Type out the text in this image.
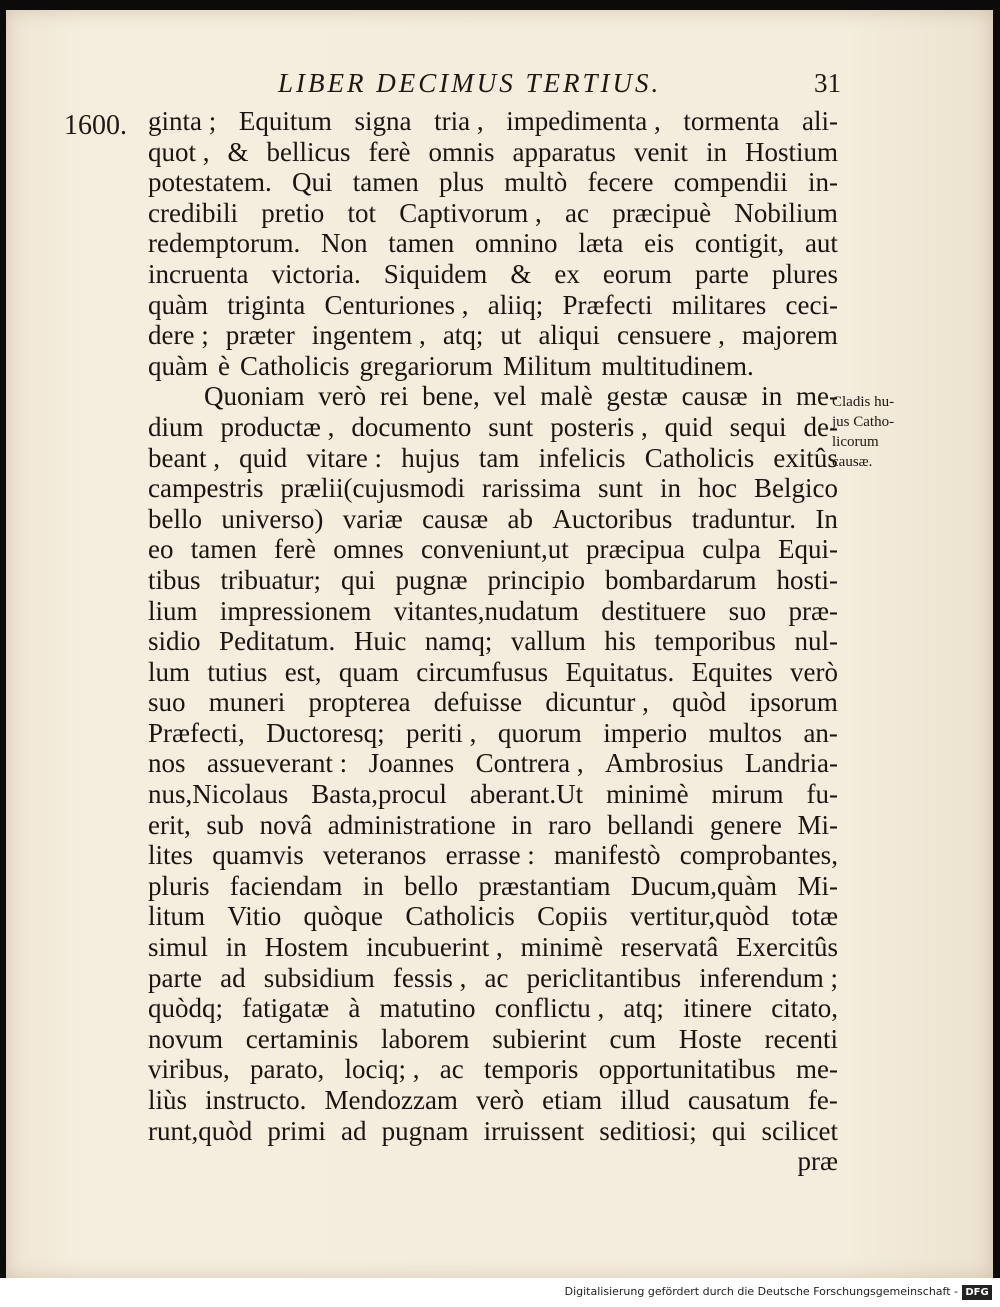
LIBER DECIMUS TERTIUS.	31
1600. ginta ; Equitum signa tria , impedimenta , tormenta ali-
quot , & bellicus ferè omnis apparatus venit in Hostium
potestatem. Qui tamen plus multò fecere compendii in-
credibili pretio tot Captivorum , ac præcipuè Nobilium
redemptorum. Non tamen omnino læta eis contigit, aut
incruenta victoria. Siquidem & ex eorum parte plures
quàm triginta Centuriones , aliiq; Præfecti militares ceci-
dere ; præter ingentem , atq; ut aliqui censuere , majorem
quàm è Catholicis gregariorum Militum multitudinem.
Quoniam verò rei bene, vel malè gestæ causæ in me-
dium productæ , documento sunt posteris , quid sequi de-
beant , quid vitare : hujus tam infelicis Catholicis exitûs
campestris prælii(cujusmodi rarissima sunt in hoc Belgico
bello universo) variæ causæ ab Auctoribus traduntur. In
eo tamen ferè omnes conveniunt,ut præcipua culpa Equi-
tibus tribuatur; qui pugnæ principio bombardarum hosti-
lium impressionem vitantes,nudatum destituere suo præ-
sidio Peditatum. Huic namq; vallum his temporibus nul-
lum tutius est, quam circumfusus Equitatus. Equites verò
suo muneri propterea defuisse dicuntur , quòd ipsorum
Præfecti, Ductoresq; periti , quorum imperio multos an-
nos assueverant : Joannes Contrera , Ambrosius Landria-
nus,Nicolaus Basta,procul aberant.Ut minimè mirum fu-
erit, sub novâ administratione in raro bellandi genere Mi-
lites quamvis veteranos errasse : manifestò comprobantes,
pluris faciendam in bello præstantiam Ducum,quàm Mi-
litum Vitio quòque Catholicis Copiis vertitur,quòd totæ
simul in Hostem incubuerint , minimè reservatâ Exercitûs
parte ad subsidium fessis , ac periclitantibus inferendum ;
quòdq; fatigatæ à matutino conflictu , atq; itinere citato,
novum certaminis laborem subierint cum Hoste recenti
viribus, parato, lociq; , ac temporis opportunitatibus me-
liùs instructo. Mendozzam verò etiam illud causatum fe-
runt,quòd primi ad pugnam irruissent seditiosi; qui scilicet
præ
Cladis hu-
jus Catho-
licorum
causæ.
Digitalisierung gefördert durch die Deutsche Forschungsgemeinschaft - DFG
